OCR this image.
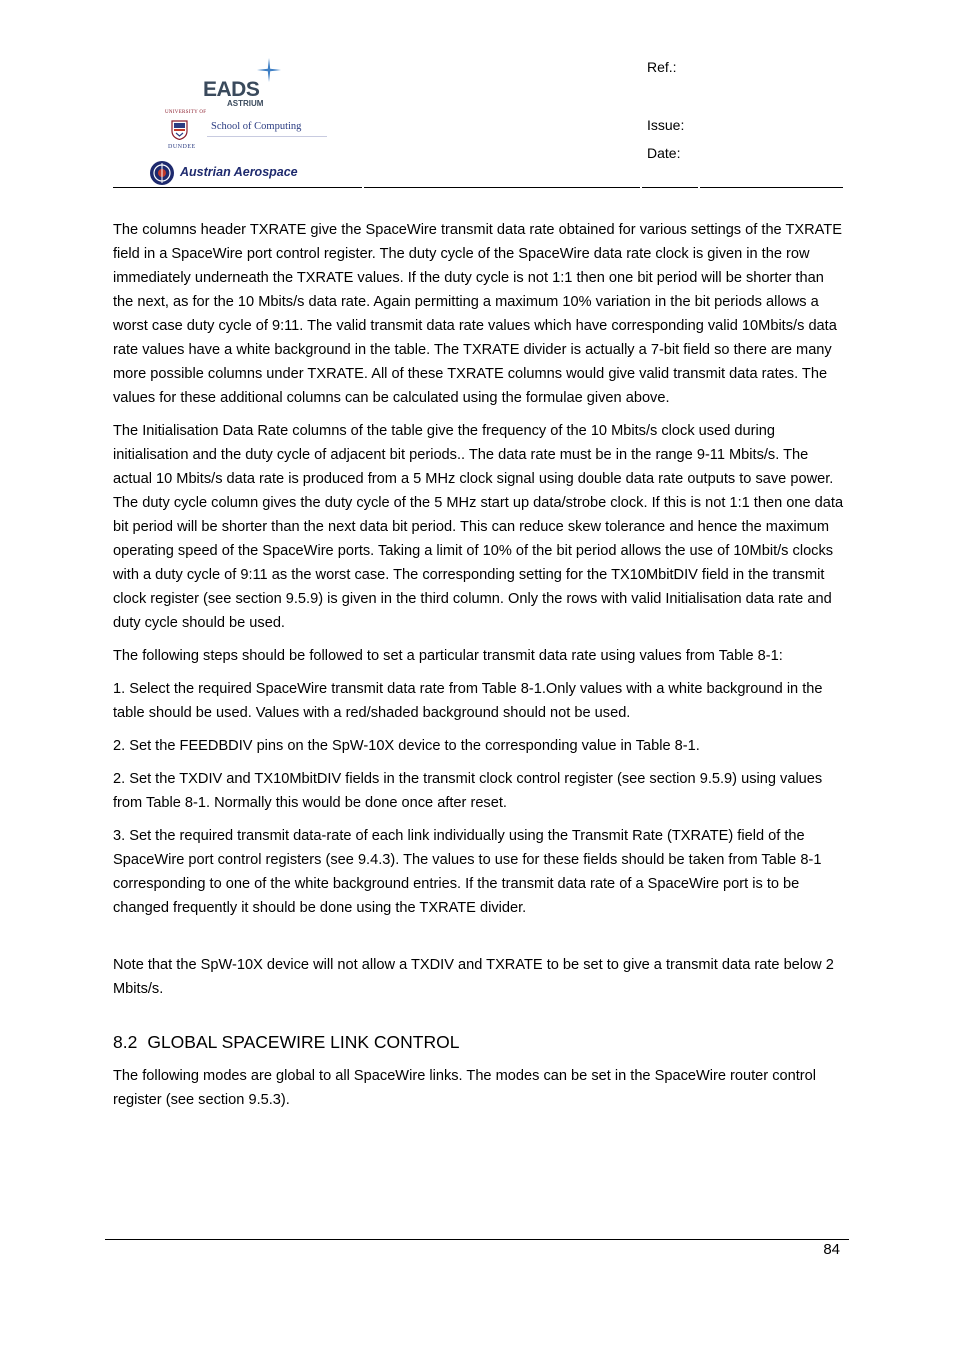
EADS
ASTRIUM
UNIVERSITY OF
DUNDEE
School of Computing
Austrian Aerospace
Ref.:
Issue:
Date:

The columns header TXRATE give the SpaceWire transmit data rate obtained for various settings of the TXRATE field in a SpaceWire port control register. The duty cycle of the SpaceWire data rate clock is given in the row immediately underneath the TXRATE values. If the duty cycle is not 1:1 then one bit period will be shorter than the next, as for the 10 Mbits/s data rate. Again permitting a maximum 10% variation in the bit periods allows a worst case duty cycle of 9:11. The valid transmit data rate values which have corresponding valid 10Mbits/s data rate values have a white background in the table. The TXRATE divider is actually a 7-bit field so there are many more possible columns under TXRATE. All of these TXRATE columns would give valid transmit data rates. The values for these additional columns can be calculated using the formulae given above.

The Initialisation Data Rate columns of the table give the frequency of the 10 Mbits/s clock used during initialisation and the duty cycle of adjacent bit periods.. The data rate must be in the range 9-11 Mbits/s. The actual 10 Mbits/s data rate is produced from a 5 MHz clock signal using double data rate outputs to save power. The duty cycle column gives the duty cycle of the 5 MHz start up data/strobe clock. If this is not 1:1 then one data bit period will be shorter than the next data bit period. This can reduce skew tolerance and hence the maximum operating speed of the SpaceWire ports. Taking a limit of 10% of the bit period allows the use of 10Mbit/s clocks with a duty cycle of 9:11 as the worst case. The corresponding setting for the TX10MbitDIV field in the transmit clock register (see section 9.5.9) is given in the third column. Only the rows with valid Initialisation data rate and duty cycle should be used.

The following steps should be followed to set a particular transmit data rate using values from Table 8-1:

1. Select the required SpaceWire transmit data rate from Table 8-1.Only values with a white background in the table should be used. Values with a red/shaded background should not be used.

2. Set the FEEDBDIV pins on the SpW-10X device to the corresponding value in Table 8-1.

2. Set the TXDIV and TX10MbitDIV fields in the transmit clock control register (see section 9.5.9) using values from Table 8-1. Normally this would be done once after reset.

3. Set the required transmit data-rate of each link individually using the Transmit Rate (TXRATE) field of the SpaceWire port control registers (see 9.4.3). The values to use for these fields should be taken from Table 8-1 corresponding to one of the white background entries. If the transmit data rate of a SpaceWire port is to be changed frequently it should be done using the TXRATE divider.

Note that the SpW-10X device will not allow a TXDIV and TXRATE to be set to give a transmit data rate below 2 Mbits/s.

8.2 GLOBAL SPACEWIRE LINK CONTROL

The following modes are global to all SpaceWire links. The modes can be set in the SpaceWire router control register (see section 9.5.3).

84
